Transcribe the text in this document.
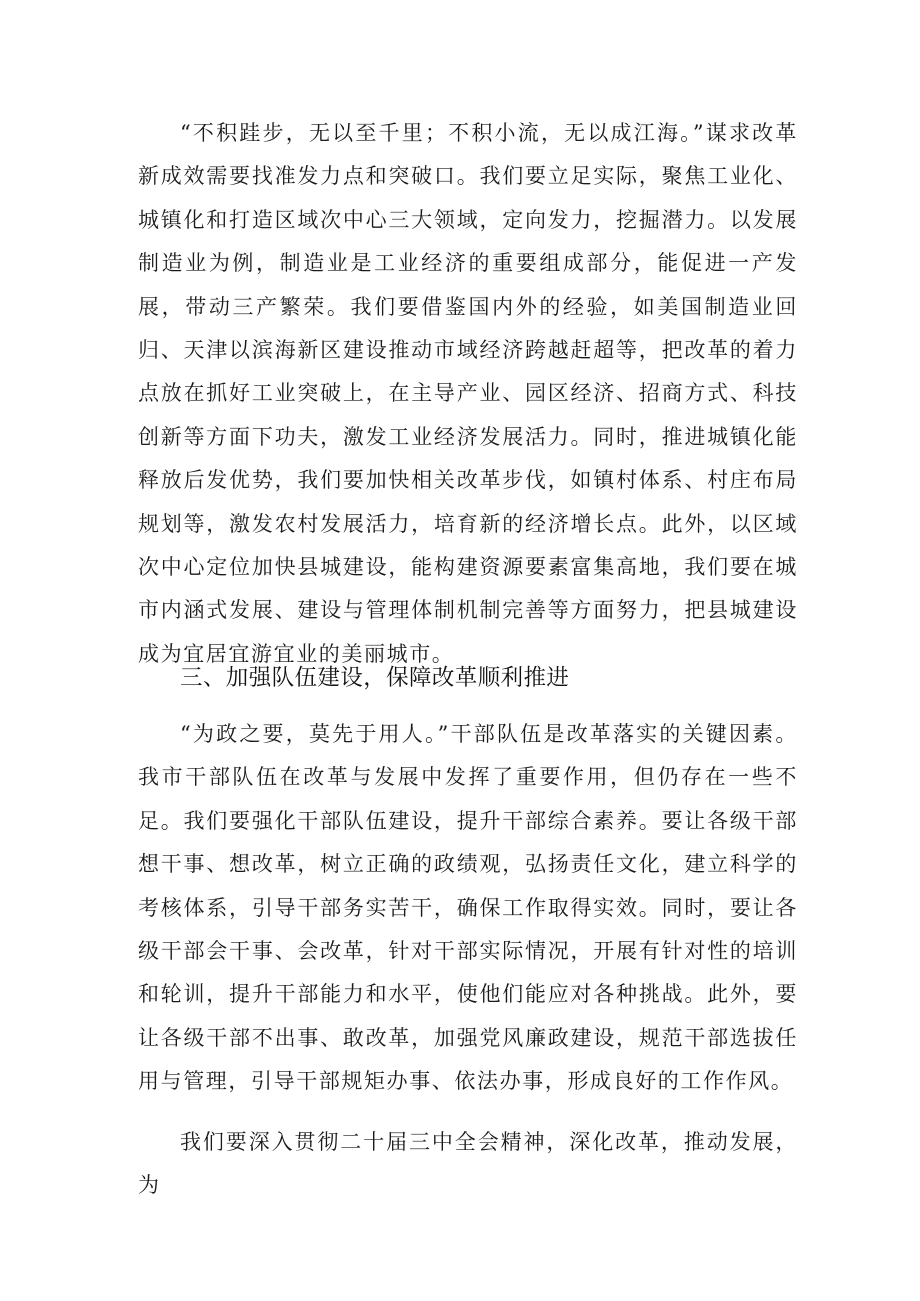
“不积跬步，无以至千里；不积小流，无以成江海。”谋求改革新成效需要找准发力点和突破口。我们要立足实际，聚焦工业化、城镇化和打造区域次中心三大领域，定向发力，挖掘潜力。以发展制造业为例，制造业是工业经济的重要组成部分，能促进一产发展，带动三产繁荣。我们要借鉴国内外的经验，如美国制造业回归、天津以滨海新区建设推动市域经济跨越赶超等，把改革的着力点放在抓好工业突破上，在主导产业、园区经济、招商方式、科技创新等方面下功夫，激发工业经济发展活力。同时，推进城镇化能释放后发优势，我们要加快相关改革步伐，如镇村体系、村庄布局规划等，激发农村发展活力，培育新的经济增长点。此外，以区域次中心定位加快县城建设，能构建资源要素富集高地，我们要在城市内涵式发展、建设与管理体制机制完善等方面努力，把县城建设成为宜居宜游宜业的美丽城市。

三、加强队伍建设，保障改革顺利推进

“为政之要，莫先于用人。”干部队伍是改革落实的关键因素。我市干部队伍在改革与发展中发挥了重要作用，但仍存在一些不足。我们要强化干部队伍建设，提升干部综合素养。要让各级干部想干事、想改革，树立正确的政绩观，弘扬责任文化，建立科学的考核体系，引导干部务实苦干，确保工作取得实效。同时，要让各级干部会干事、会改革，针对干部实际情况，开展有针对性的培训和轮训，提升干部能力和水平，使他们能应对各种挑战。此外，要让各级干部不出事、敢改革，加强党风廉政建设，规范干部选拔任用与管理，引导干部规矩办事、依法办事，形成良好的工作作风。

我们要深入贯彻二十届三中全会精神，深化改革，推动发展，为
